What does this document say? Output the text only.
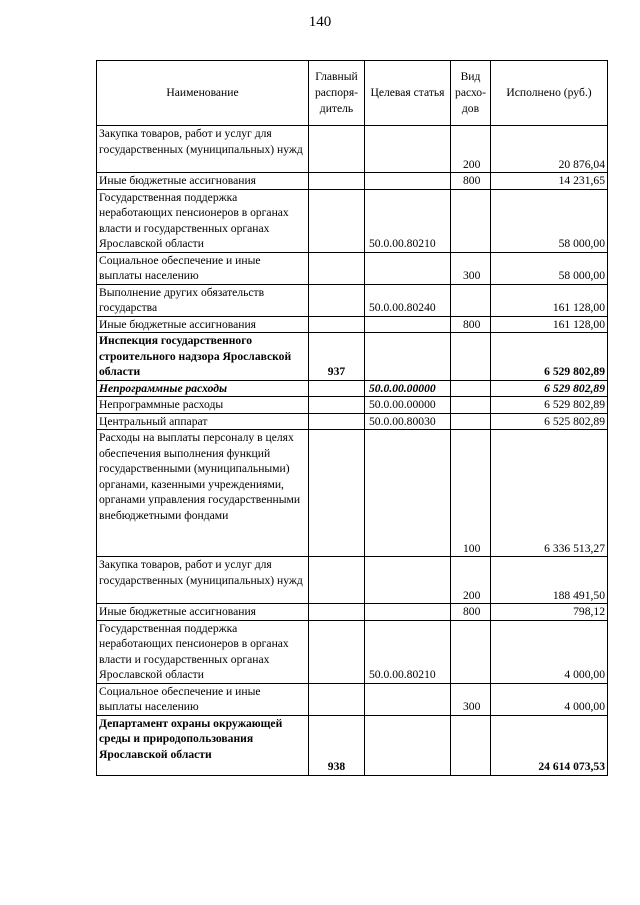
140
Наименование	Главный распоря- дитель	Целевая статья	Вид расхо- дов	Исполнено (руб.)
Закупка товаров, работ и услуг для государственных (муниципальных) нужд			200	20 876,04
Иные бюджетные ассигнования			800	14 231,65
Государственная поддержка неработающих пенсионеров в органах власти и государственных органах Ярославской области		50.0.00.80210		58 000,00
Социальное обеспечение и иные выплаты населению			300	58 000,00
Выполнение других обязательств государства		50.0.00.80240		161 128,00
Иные бюджетные ассигнования			800	161 128,00
Инспекция государственного строительного надзора Ярославской области	937			6 529 802,89
Непрограммные расходы		50.0.00.00000		6 529 802,89
Непрограммные расходы		50.0.00.00000		6 529 802,89
Центральный аппарат		50.0.00.80030		6 525 802,89
Расходы на выплаты персоналу в целях обеспечения выполнения функций государственными (муниципальными) органами, казенными учреждениями, органами управления государственными внебюджетными фондами			100	6 336 513,27
Закупка товаров, работ и услуг для государственных (муниципальных) нужд			200	188 491,50
Иные бюджетные ассигнования			800	798,12
Государственная поддержка неработающих пенсионеров в органах власти и государственных органах Ярославской области		50.0.00.80210		4 000,00
Социальное обеспечение и иные выплаты населению			300	4 000,00
Департамент охраны окружающей среды и природопользования Ярославской области	938			24 614 073,53
